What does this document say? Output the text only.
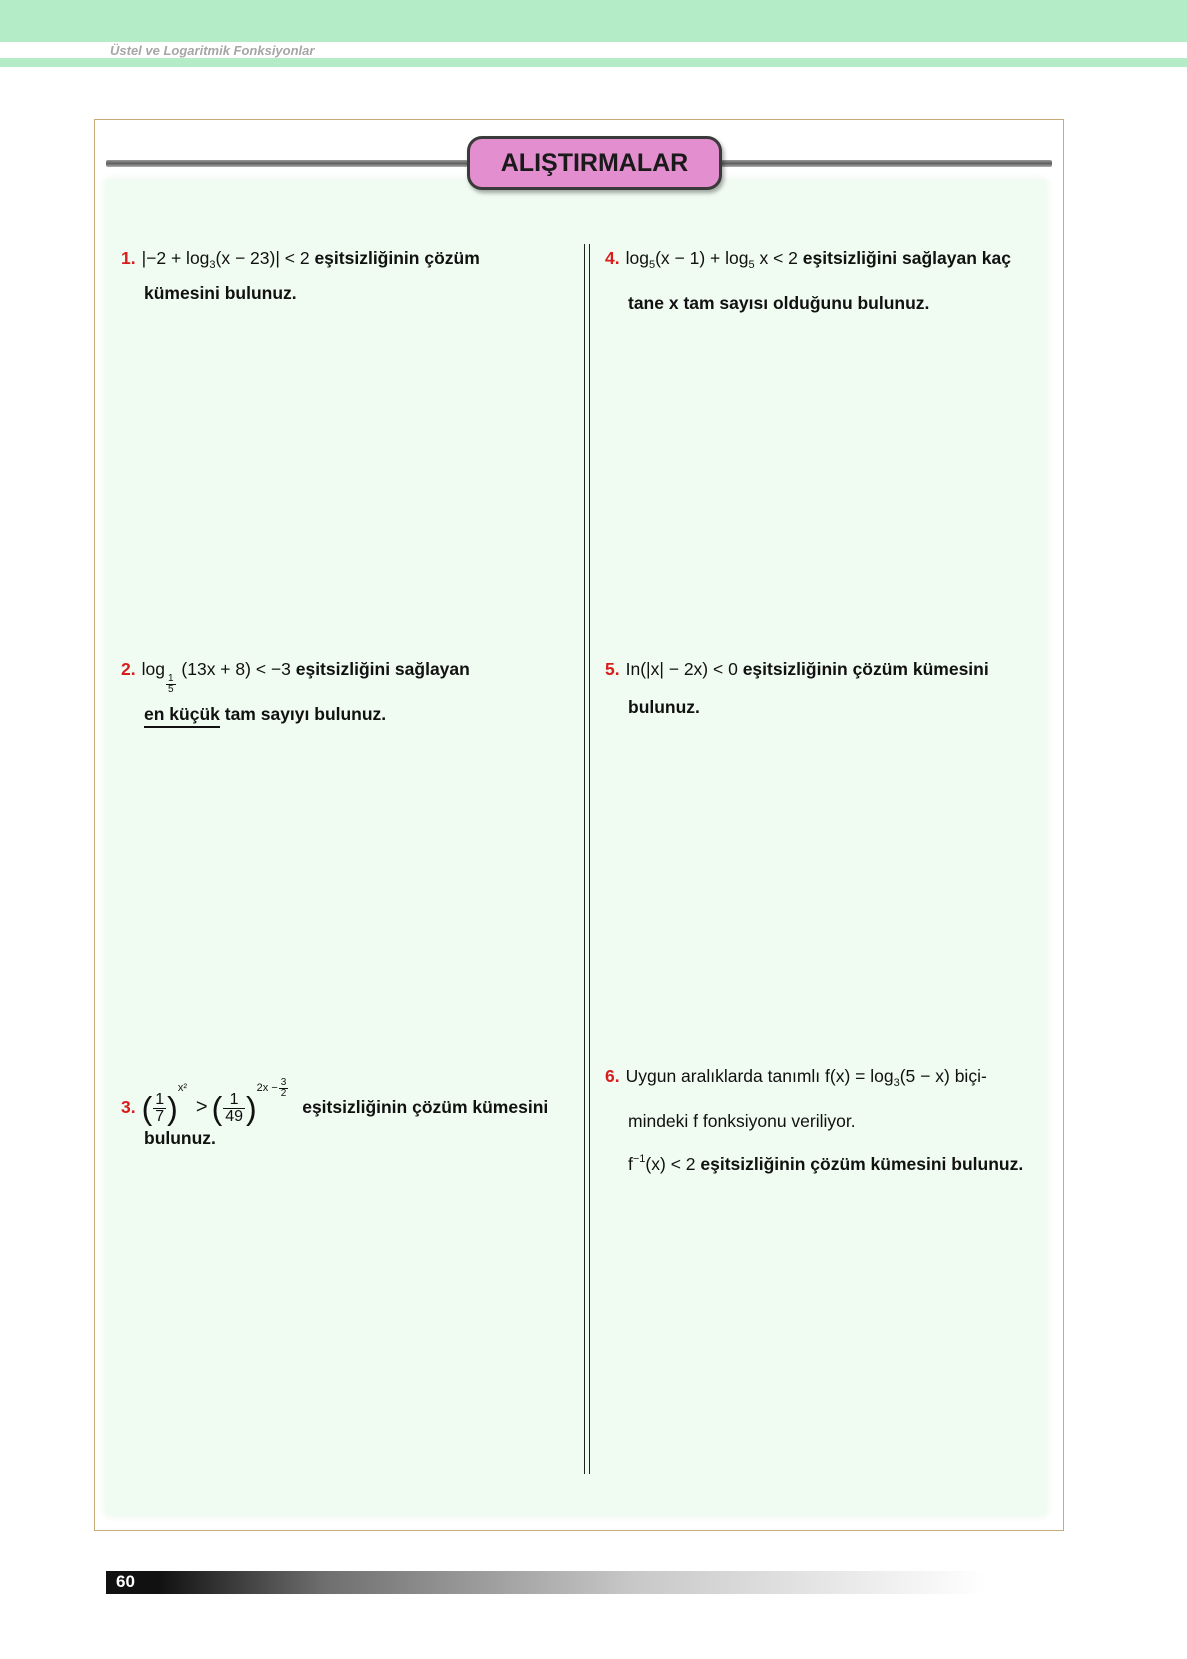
Üstel ve Logaritmik Fonksiyonlar
ALIŞTIRMALAR
1. $|-2 + \log_3(x - 23)| < 2$ eşitsizliğinin çözüm
kümesini bulunuz.
2. log
$\frac{1}{5}$
(13x + 8) < −3 eşitsizliğini sağlayan
en küçük tam sayıyı bulunuz.
3. ( $\frac{1}{7} )^{x^2}$ > ( $\frac{1}{49} )^{2x - \frac{3}{2}}$
eşitsizliğinin çözüm kümesini
bulunuz.
4. $\log_5(x - 1) + \log_5 x < 2$ eşitsizliğini sağlayan kaç
tane x tam sayısı olduğunu bulunuz.
5. In(|x| − 2x) < 0 eşitsizliğinin çözüm kümesini
bulunuz.
6. Uygun aralıklarda tanımlı $f(x) = \log_3(5 - x)$ biçi-
mindeki f fonksiyonu veriliyor.
$f^{-1}(x) < 2$ eşitsizliğinin çözüm kümesini bulunuz.
60
